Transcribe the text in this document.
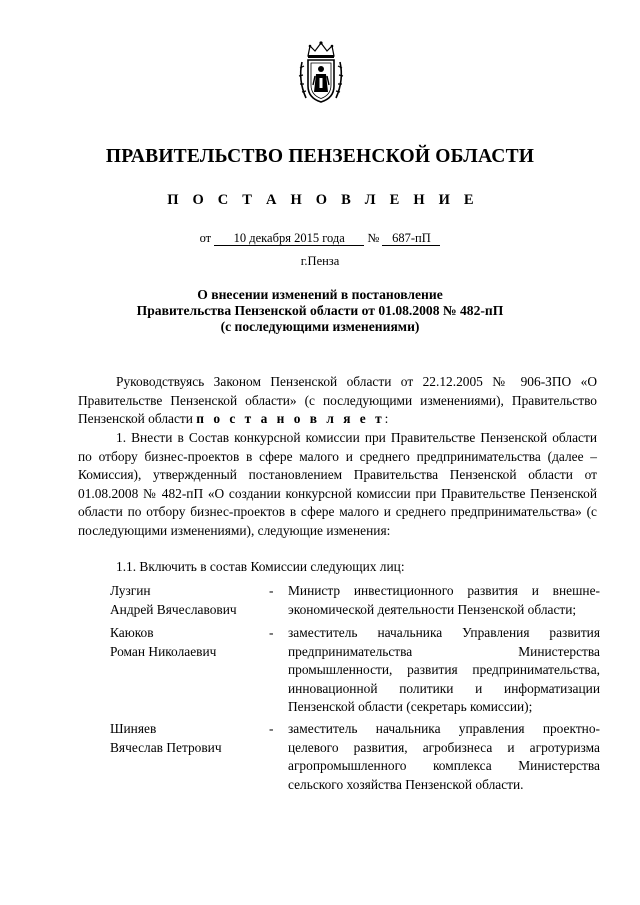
ПРАВИТЕЛЬСТВО ПЕНЗЕНСКОЙ ОБЛАСТИ
П О С Т А Н О В Л Е Н И Е
от 10 декабря 2015 года № 687-пП
г.Пенза
О внесении изменений в постановление
Правительства Пензенской области от 01.08.2008 № 482-пП
(с последующими изменениями)
Руководствуясь Законом Пензенской области от 22.12.2005 № 906-ЗПО «О Правительстве Пензенской области» (с последующими изменениями), Правительство Пензенской области п о с т а н о в л я е т:
1. Внести в Состав конкурсной комиссии при Правительстве Пензенской области по отбору бизнес-проектов в сфере малого и среднего предпринимательства (далее – Комиссия), утвержденный постановлением Правительства Пензенской области от 01.08.2008 № 482-пП «О создании конкурсной комиссии при Правительстве Пензенской области по отбору бизнес-проектов в сфере малого и среднего предпринимательства» (с последующими изменениями), следующие изменения:
1.1. Включить в состав Комиссии следующих лиц:
Лузгин
Андрей Вячеславович
- Министр инвестиционного развития и внешне-экономической деятельности Пензенской области;
Каюков
Роман Николаевич
- заместитель начальника Управления развития предпринимательства Министерства промышленности, развития предпринимательства, инновационной политики и информатизации Пензенской области (секретарь комиссии);
Шиняев
Вячеслав Петрович
- заместитель начальника управления проектно-целевого развития, агробизнеса и агротуризма агропромышленного комплекса Министерства сельского хозяйства Пензенской области.
